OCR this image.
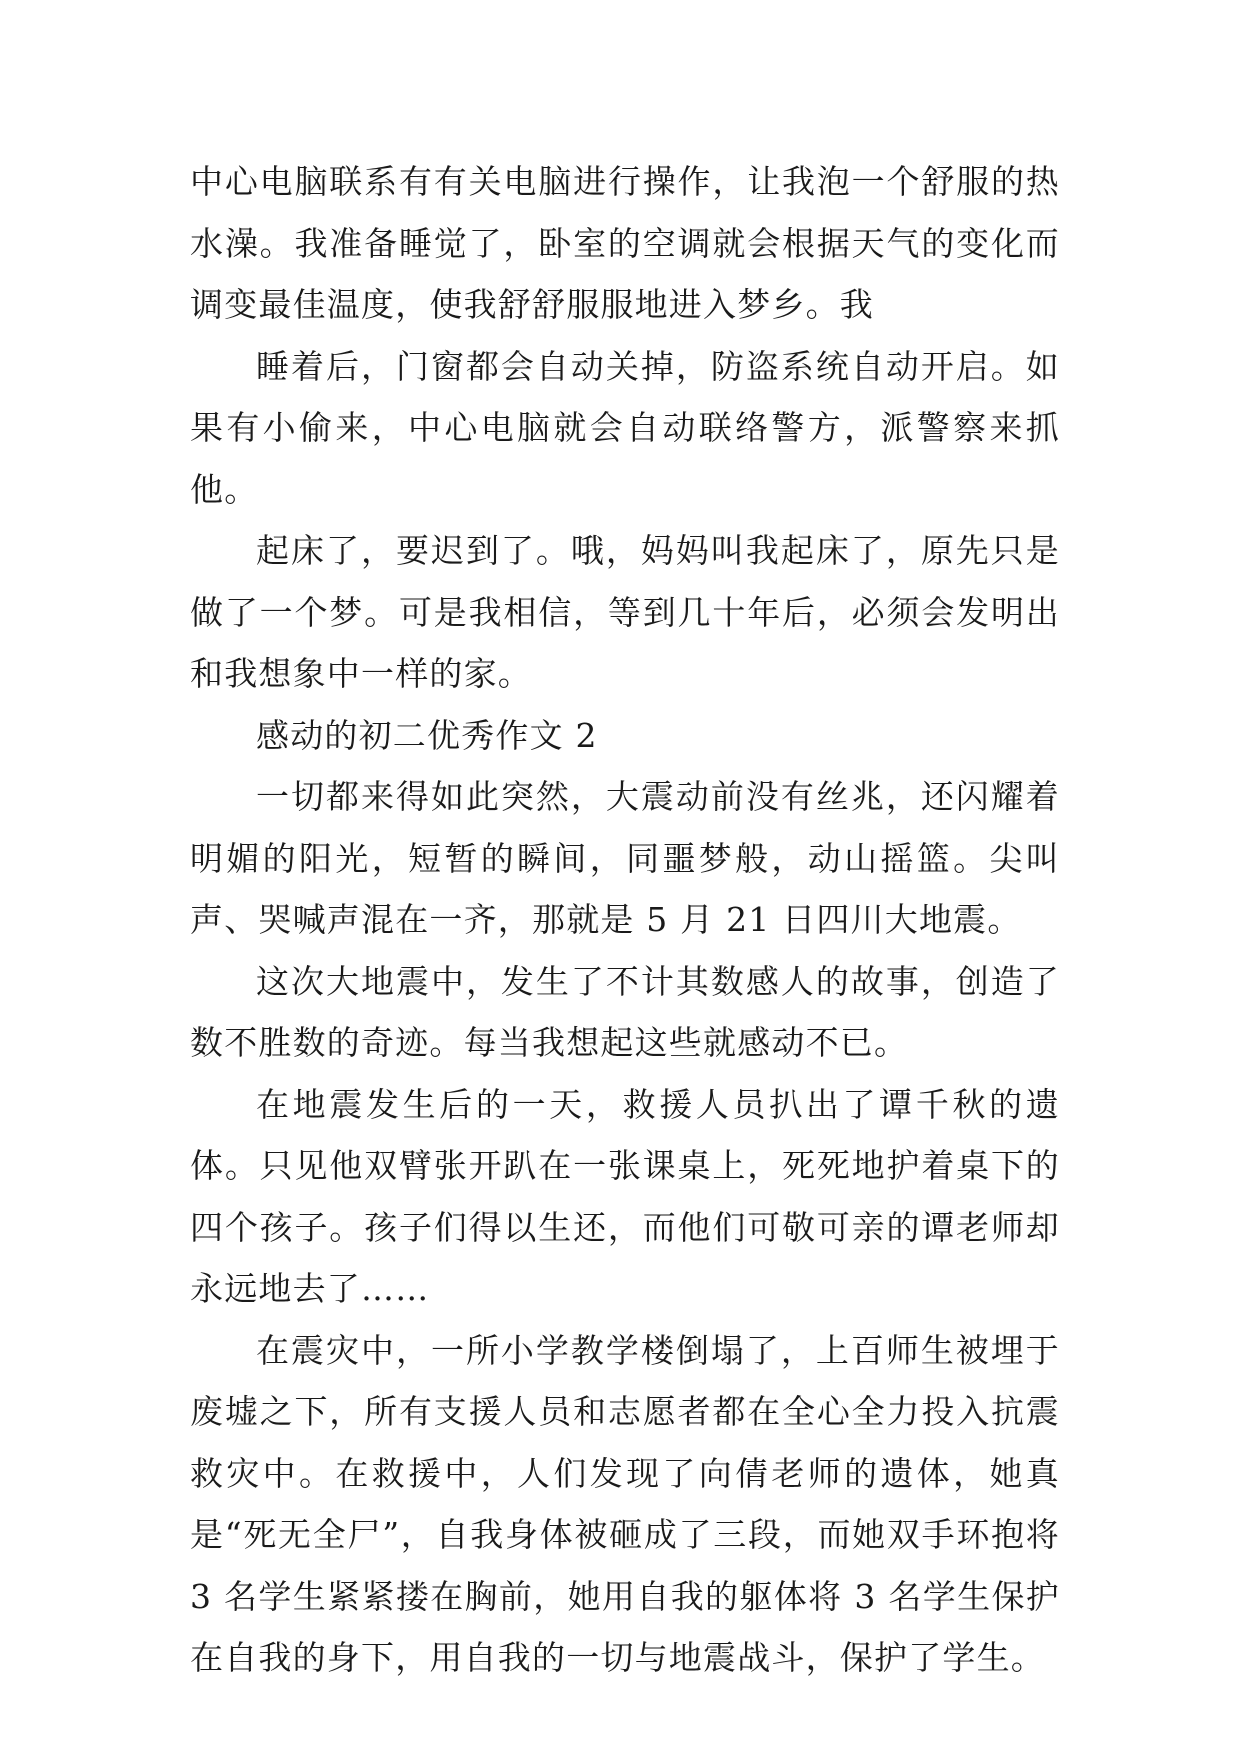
中心电脑联系有有关电脑进行操作，让我泡一个舒服的热水澡。我准备睡觉了，卧室的空调就会根据天气的变化而调变最佳温度，使我舒舒服服地进入梦乡。我

睡着后，门窗都会自动关掉，防盗系统自动开启。如果有小偷来，中心电脑就会自动联络警方，派警察来抓他。

起床了，要迟到了。哦，妈妈叫我起床了，原先只是做了一个梦。可是我相信，等到几十年后，必须会发明出和我想象中一样的家。

感动的初二优秀作文 2

一切都来得如此突然，大震动前没有丝兆，还闪耀着明媚的阳光，短暂的瞬间，同噩梦般，动山摇篮。尖叫声、哭喊声混在一齐，那就是 5 月 21 日四川大地震。

这次大地震中，发生了不计其数感人的故事，创造了数不胜数的奇迹。每当我想起这些就感动不已。

在地震发生后的一天，救援人员扒出了谭千秋的遗体。只见他双臂张开趴在一张课桌上，死死地护着桌下的四个孩子。孩子们得以生还，而他们可敬可亲的谭老师却永远地去了……

在震灾中，一所小学教学楼倒塌了，上百师生被埋于废墟之下，所有支援人员和志愿者都在全心全力投入抗震救灾中。在救援中，人们发现了向倩老师的遗体，她真是“死无全尸”，自我身体被砸成了三段，而她双手环抱将 3 名学生紧紧搂在胸前，她用自我的躯体将 3 名学生保护在自我的身下，用自我的一切与地震战斗，保护了学生。
